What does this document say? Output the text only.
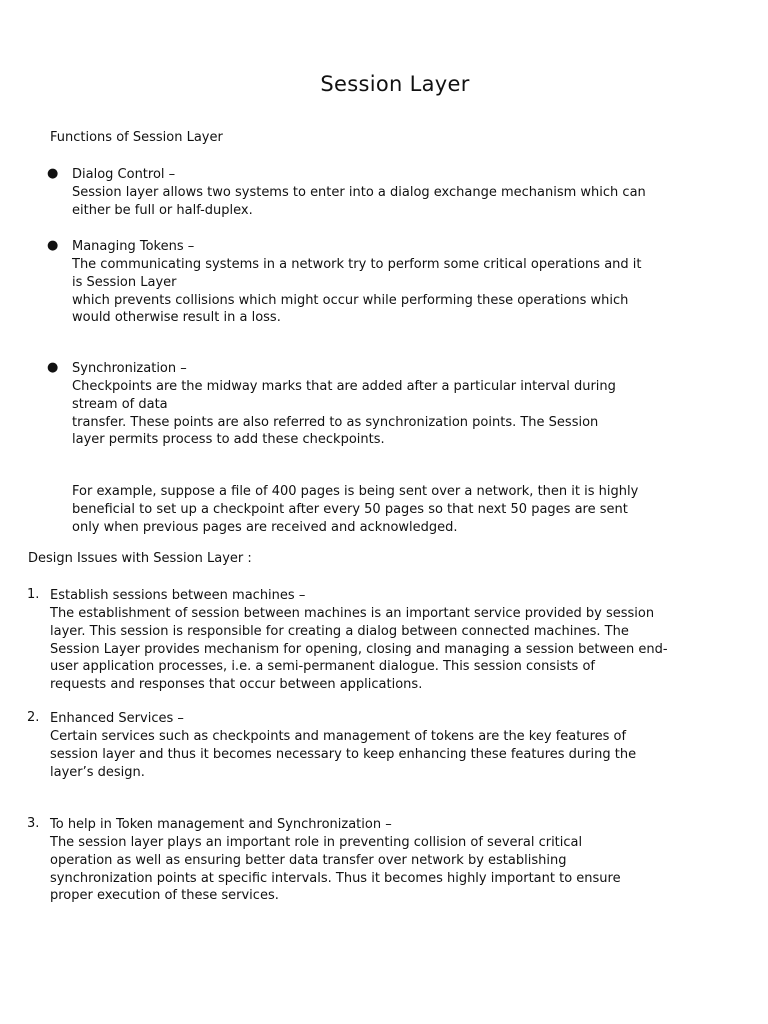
Session Layer
Functions of Session Layer
● Dialog Control –
Session layer allows two systems to enter into a dialog exchange mechanism which can
either be full or half-duplex.
● Managing Tokens –
The communicating systems in a network try to perform some critical operations and it
is Session Layer
which prevents collisions which might occur while performing these operations which
would otherwise result in a loss.
● Synchronization –
Checkpoints are the midway marks that are added after a particular interval during
stream of data
transfer. These points are also referred to as synchronization points. The Session
layer permits process to add these checkpoints.
For example, suppose a file of 400 pages is being sent over a network, then it is highly
beneficial to set up a checkpoint after every 50 pages so that next 50 pages are sent
only when previous pages are received and acknowledged.
Design Issues with Session Layer :
1. Establish sessions between machines –
The establishment of session between machines is an important service provided by session
layer. This session is responsible for creating a dialog between connected machines. The
Session Layer provides mechanism for opening, closing and managing a session between end-
user application processes, i.e. a semi-permanent dialogue. This session consists of
requests and responses that occur between applications.
2. Enhanced Services –
Certain services such as checkpoints and management of tokens are the key features of
session layer and thus it becomes necessary to keep enhancing these features during the
layer’s design.
3. To help in Token management and Synchronization –
The session layer plays an important role in preventing collision of several critical
operation as well as ensuring better data transfer over network by establishing
synchronization points at specific intervals. Thus it becomes highly important to ensure
proper execution of these services.
